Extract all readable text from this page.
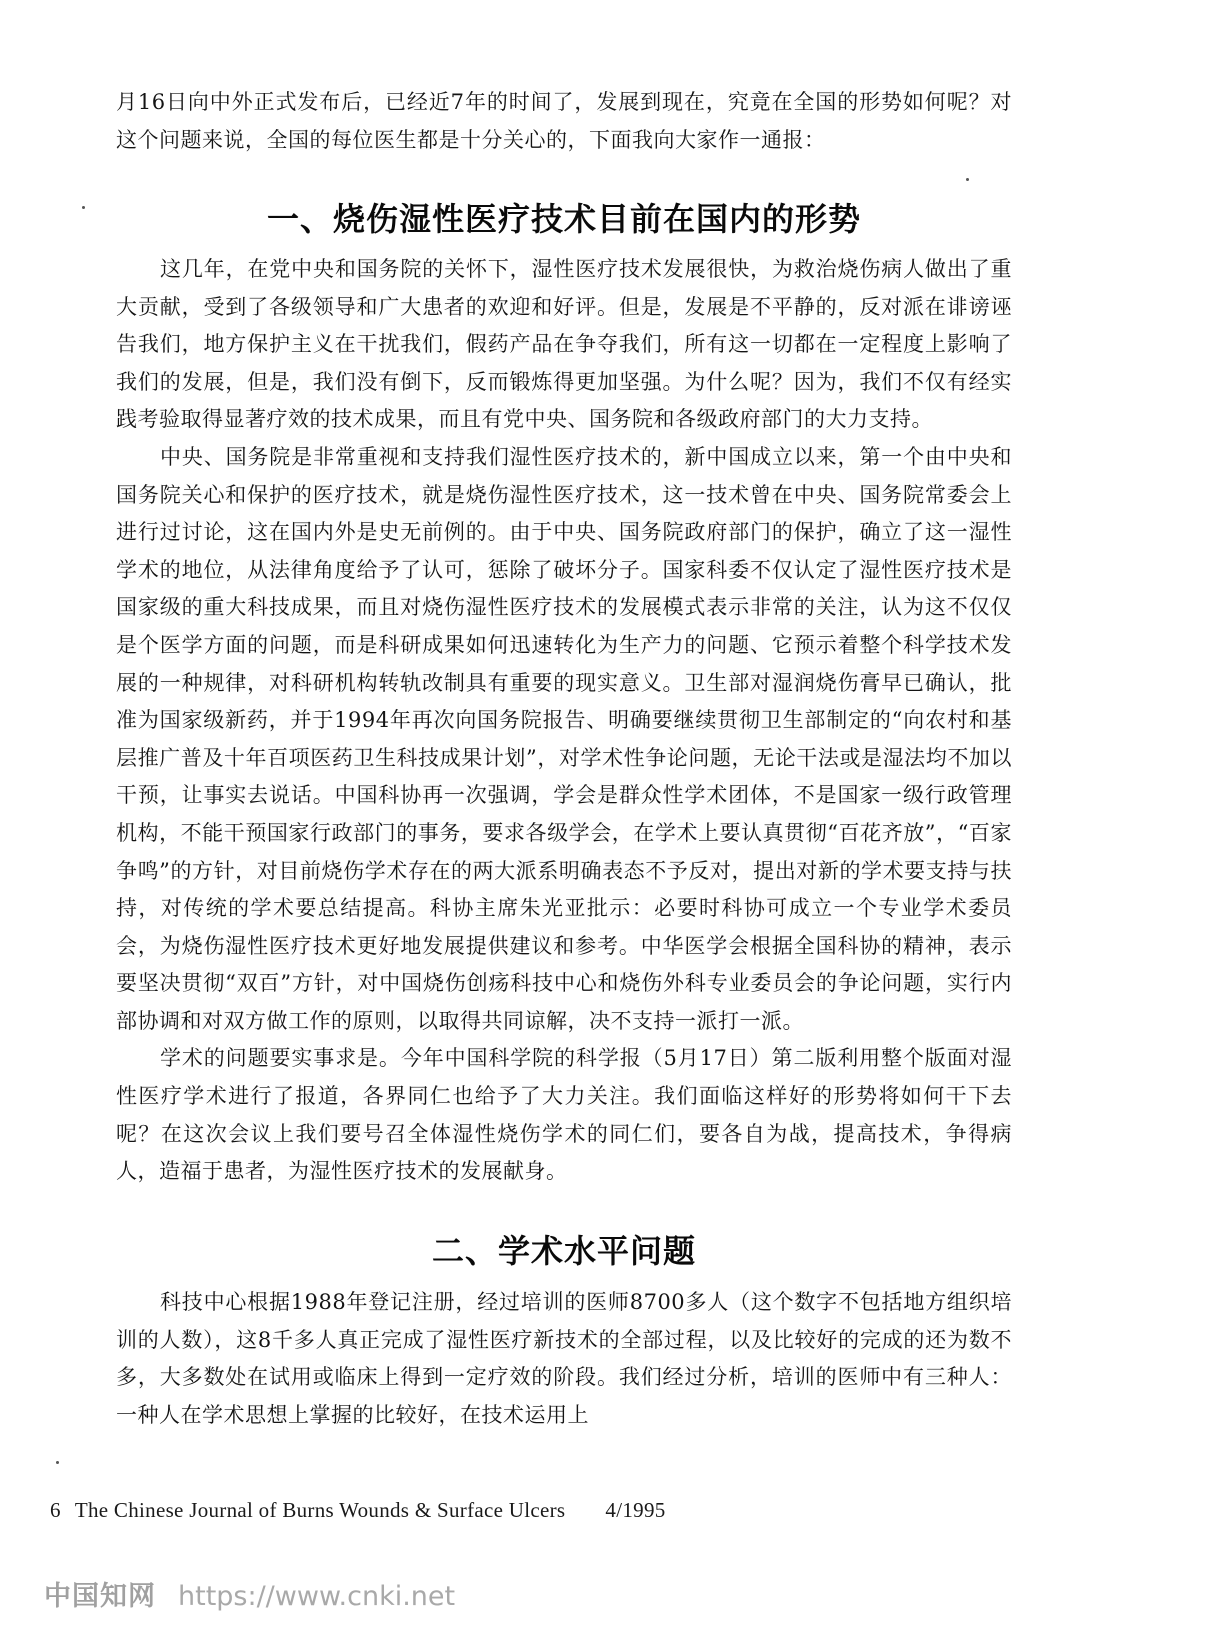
月16日向中外正式发布后，已经近7年的时间了，发展到现在，究竟在全国的形势如何呢？对这个问题来说，全国的每位医生都是十分关心的，下面我向大家作一通报：

一、烧伤湿性医疗技术目前在国内的形势

这几年，在党中央和国务院的关怀下，湿性医疗技术发展很快，为救治烧伤病人做出了重大贡献，受到了各级领导和广大患者的欢迎和好评。但是，发展是不平静的，反对派在诽谤诬告我们，地方保护主义在干扰我们，假药产品在争夺我们，所有这一切都在一定程度上影响了我们的发展，但是，我们没有倒下，反而锻炼得更加坚强。为什么呢？因为，我们不仅有经实践考验取得显著疗效的技术成果，而且有党中央、国务院和各级政府部门的大力支持。

中央、国务院是非常重视和支持我们湿性医疗技术的，新中国成立以来，第一个由中央和国务院关心和保护的医疗技术，就是烧伤湿性医疗技术，这一技术曾在中央、国务院常委会上进行过讨论，这在国内外是史无前例的。由于中央、国务院政府部门的保护，确立了这一湿性学术的地位，从法律角度给予了认可，惩除了破坏分子。国家科委不仅认定了湿性医疗技术是国家级的重大科技成果，而且对烧伤湿性医疗技术的发展模式表示非常的关注，认为这不仅仅是个医学方面的问题，而是科研成果如何迅速转化为生产力的问题、它预示着整个科学技术发展的一种规律，对科研机构转轨改制具有重要的现实意义。卫生部对湿润烧伤膏早已确认，批准为国家级新药，并于1994年再次向国务院报告、明确要继续贯彻卫生部制定的“向农村和基层推广普及十年百项医药卫生科技成果计划”，对学术性争论问题，无论干法或是湿法均不加以干预，让事实去说话。中国科协再一次强调，学会是群众性学术团体，不是国家一级行政管理机构，不能干预国家行政部门的事务，要求各级学会，在学术上要认真贯彻“百花齐放”，“百家争鸣”的方针，对目前烧伤学术存在的两大派系明确表态不予反对，提出对新的学术要支持与扶持，对传统的学术要总结提高。科协主席朱光亚批示：必要时科协可成立一个专业学术委员会，为烧伤湿性医疗技术更好地发展提供建议和参考。中华医学会根据全国科协的精神，表示要坚决贯彻“双百”方针，对中国烧伤创疡科技中心和烧伤外科专业委员会的争论问题，实行内部协调和对双方做工作的原则，以取得共同谅解，决不支持一派打一派。

学术的问题要实事求是。今年中国科学院的科学报（5月17日）第二版利用整个版面对湿性医疗学术进行了报道，各界同仁也给予了大力关注。我们面临这样好的形势将如何干下去呢？在这次会议上我们要号召全体湿性烧伤学术的同仁们，要各自为战，提高技术，争得病人，造福于患者，为湿性医疗技术的发展献身。

二、学术水平问题

科技中心根据1988年登记注册，经过培训的医师8700多人（这个数字不包括地方组织培训的人数），这8千多人真正完成了湿性医疗新技术的全部过程，以及比较好的完成的还为数不多，大多数处在试用或临床上得到一定疗效的阶段。我们经过分析，培训的医师中有三种人：一种人在学术思想上掌握的比较好，在技术运用上

6 The Chinese Journal of Burns Wounds & Surface Ulcers 4/1995
中国知网 https://www.cnki.net
